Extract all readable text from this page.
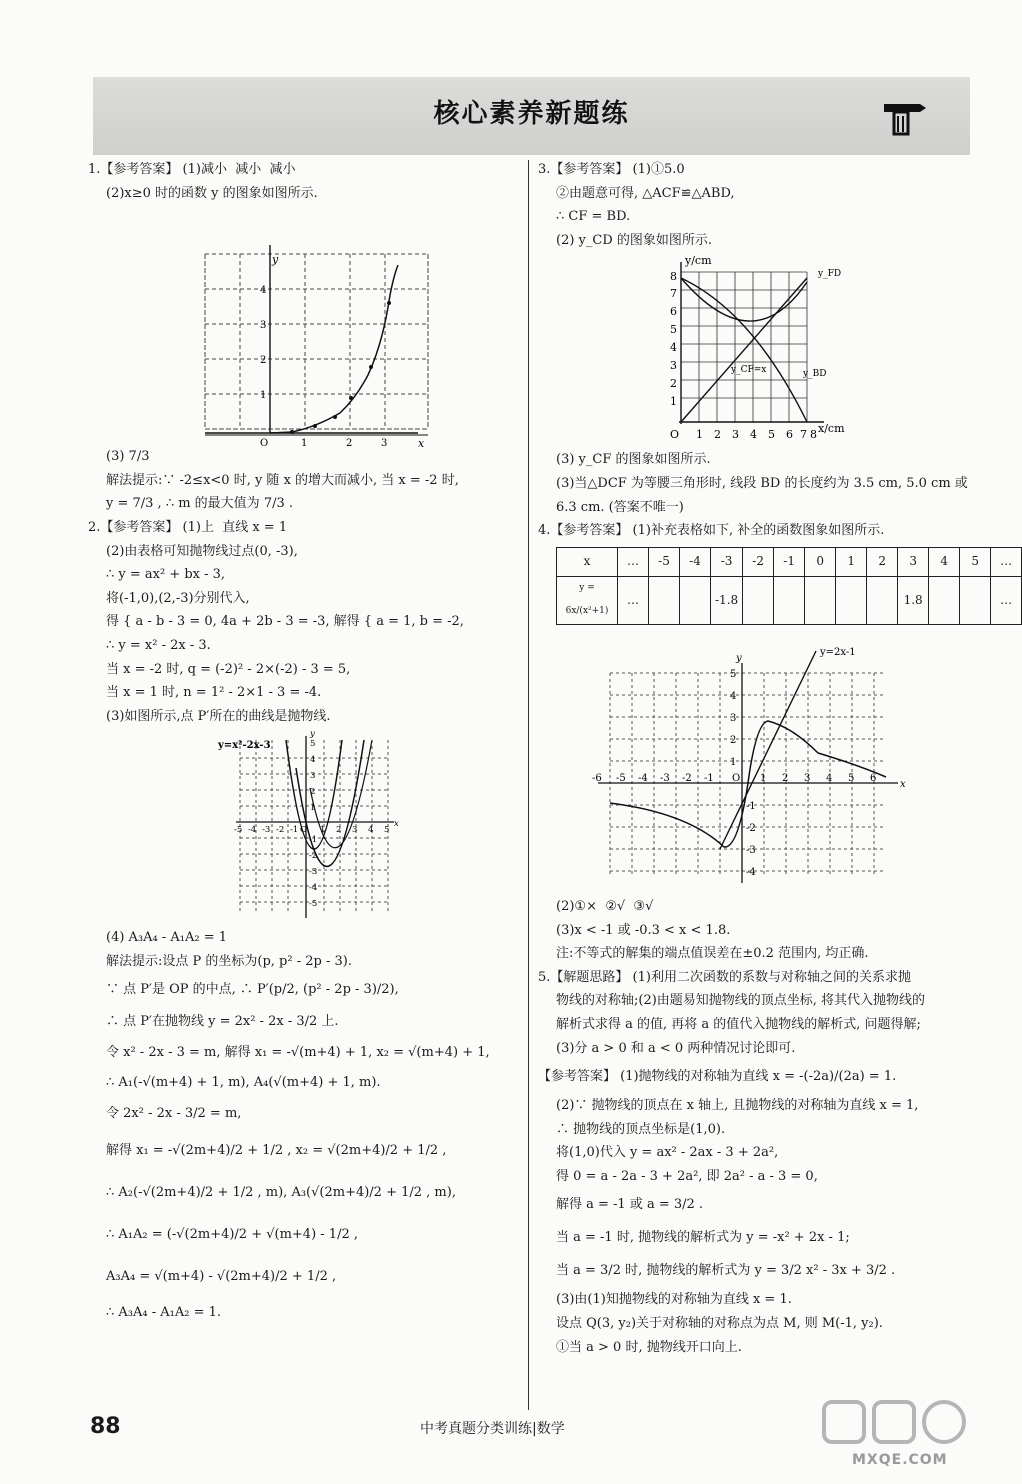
核心素养新题练
1.【参考答案】 (1)减小  减小  减小
(2)x≥0 时的函数 y 的图象如图所示.
y
x
4
3
2
1
O	1	2	3
(3) 7/3
解法提示:∵ -2≤x<0 时, y 随 x 的增大而减小, 当 x = -2 时,
y = 7/3 , ∴ m 的最大值为 7/3 .
2.【参考答案】 (1)上  直线 x = 1
(2)由表格可知抛物线过点(0, -3),
∴ y = ax² + bx - 3,
将(-1,0),(2,-3)分别代入,
得 { a - b - 3 = 0, 4a + 2b - 3 = -3, 解得 { a = 1, b = -2,
∴ y = x² - 2x - 3.
当 x = -2 时, q = (-2)² - 2×(-2) - 3 = 5,
当 x = 1 时, n = 1² - 2×1 - 3 = -4.
(3)如图所示,点 P′所在的曲线是抛物线.
y=x²-2x-3
-5 -4 -3 -2 -1 O 1 2 3 4 5
5
4
3
2
1
-1
-2
-3
-4
-5
x
y
(4) A₃A₄ - A₁A₂ = 1
解法提示:设点 P 的坐标为(p, p² - 2p - 3).
∵ 点 P′是 OP 的中点, ∴ P′(p/2, (p² - 2p - 3)/2),
∴ 点 P′在抛物线 y = 2x² - 2x - 3/2 上.
令 x² - 2x - 3 = m, 解得 x₁ = -√(m+4) + 1, x₂ = √(m+4) + 1,
∴ A₁(-√(m+4) + 1, m), A₄(√(m+4) + 1, m).
令 2x² - 2x - 3/2 = m,
解得 x₁ = -√(2m+4)/2 + 1/2 , x₂ = √(2m+4)/2 + 1/2 ,
∴ A₂(-√(2m+4)/2 + 1/2 , m), A₃(√(2m+4)/2 + 1/2 , m),
∴ A₁A₂ = (-√(2m+4)/2 + √(m+4) - 1/2 ,
A₃A₄ = √(m+4) - √(2m+4)/2 + 1/2 ,
∴ A₃A₄ - A₁A₂ = 1.
3.【参考答案】 (1)①5.0
②由题意可得, △ACF≌△ABD,
∴ CF = BD.
(2) y_CD 的图象如图所示.
y/cm
x/cm
y_FD
y_CF=x	y_BD
8
7
6
5
4
3
2
1
O 1 2 3 4 5 6 7 8
(3) y_CF 的图象如图所示.
(3)当△DCF 为等腰三角形时, 线段 BD 的长度约为 3.5 cm, 5.0 cm 或
6.3 cm. (答案不唯一)
4.【参考答案】 (1)补充表格如下, 补全的函数图象如图所示.
x	…	-5	-4	-3	-2	-1	0	1	2	3	4	5	…
y = 6x/(x²+1)	…			-1.8						1.8			…
y=2x-1
y
x
-6 -5 -4 -3 -2 -1 O 1 2 3 4 5 6
5
4
3
2
1
-1
-2
-3
-4
(2)①×  ②√  ③√
(3)x < -1 或 -0.3 < x < 1.8.
注:不等式的解集的端点值误差在±0.2 范围内, 均正确.
5.【解题思路】 (1)利用二次函数的系数与对称轴之间的关系求抛
物线的对称轴;(2)由题易知抛物线的顶点坐标, 将其代入抛物线的
解析式求得 a 的值, 再将 a 的值代入抛物线的解析式, 问题得解;
(3)分 a > 0 和 a < 0 两种情况讨论即可.
【参考答案】 (1)抛物线的对称轴为直线 x = -(-2a)/(2a) = 1.
(2)∵ 抛物线的顶点在 x 轴上, 且抛物线的对称轴为直线 x = 1,
∴ 抛物线的顶点坐标是(1,0).
将(1,0)代入 y = ax² - 2ax - 3 + 2a²,
得 0 = a - 2a - 3 + 2a², 即 2a² - a - 3 = 0,
解得 a = -1 或 a = 3/2 .
当 a = -1 时, 抛物线的解析式为 y = -x² + 2x - 1;
当 a = 3/2 时, 抛物线的解析式为 y = 3/2 x² - 3x + 3/2 .
(3)由(1)知抛物线的对称轴为直线 x = 1.
设点 Q(3, y₂)关于对称轴的对称点为点 M, 则 M(-1, y₂).
①当 a > 0 时, 抛物线开口向上.
88	中考真题分类训练|数学
MXQE.COM
